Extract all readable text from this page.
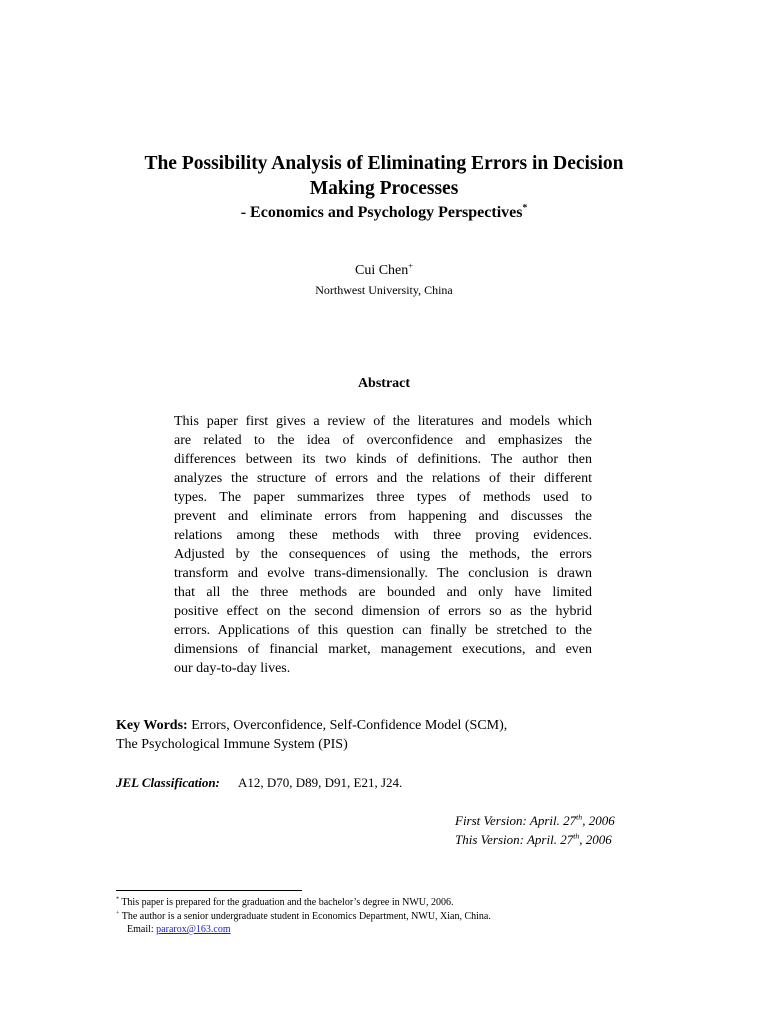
The Possibility Analysis of Eliminating Errors in Decision
Making Processes
- Economics and Psychology Perspectives*
Cui Chen+
Northwest University, China
Abstract
This paper first gives a review of the literatures and models which
are related to the idea of overconfidence and emphasizes the
differences between its two kinds of definitions. The author then
analyzes the structure of errors and the relations of their different
types. The paper summarizes three types of methods used to
prevent and eliminate errors from happening and discusses the
relations among these methods with three proving evidences.
Adjusted by the consequences of using the methods, the errors
transform and evolve trans-dimensionally. The conclusion is drawn
that all the three methods are bounded and only have limited
positive effect on the second dimension of errors so as the hybrid
errors. Applications of this question can finally be stretched to the
dimensions of financial market, management executions, and even
our day-to-day lives.
Key Words: Errors, Overconfidence, Self-Confidence Model (SCM),
The Psychological Immune System (PIS)
JEL Classification: A12, D70, D89, D91, E21, J24.
First Version: April. 27th, 2006
This Version: April. 27th, 2006
* This paper is prepared for the graduation and the bachelor’s degree in NWU, 2006.
+ The author is a senior undergraduate student in Economics Department, NWU, Xian, China.
Email: pararox@163.com
